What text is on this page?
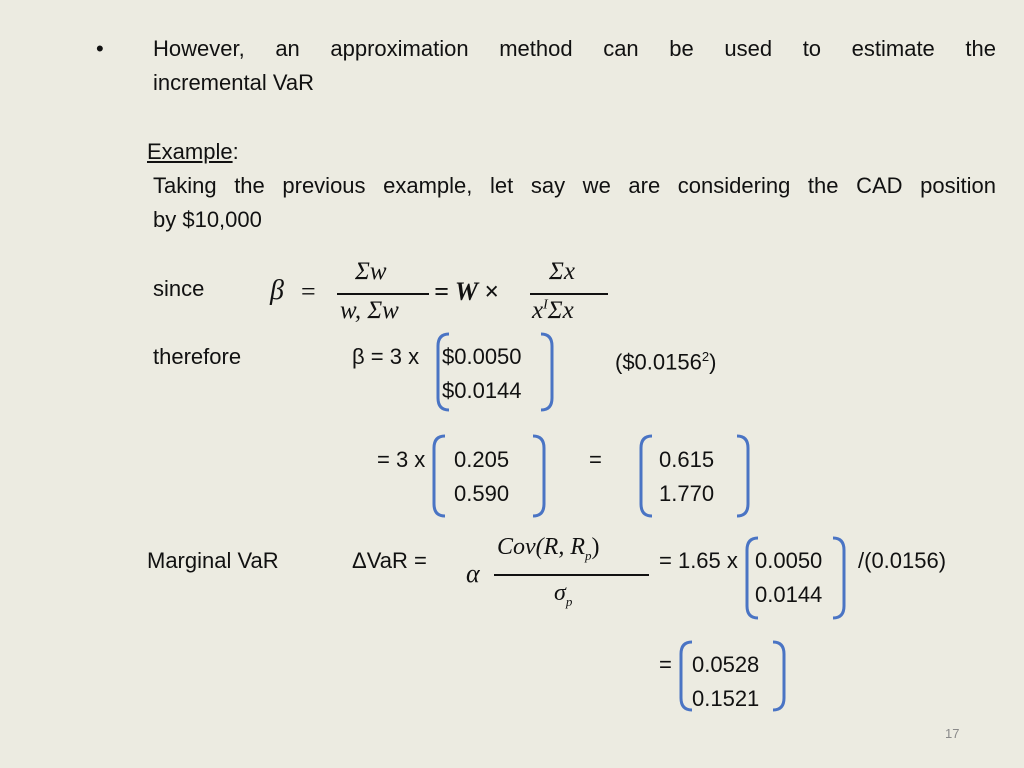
• However, an approximation method can be used to estimate the
incremental VaR
Example:
Taking the previous example, let say we are considering the CAD position
by $10,000
since β =
Σw
w, Σw
= W ×
Σx
$x^I\Sigma x$
therefore	β = 3 x $0.0050
$0.0144
$(\$0.0156^2)$
= 3 x 0.205
0.590
=	0.615
1.770
Marginal VaR	ΔVaR = α
Cov(R, $R_p$)
$\sigma_p$
= 1.65 x 0.0050
0.0144
/(0.0156)
= 0.0528
0.1521
17
